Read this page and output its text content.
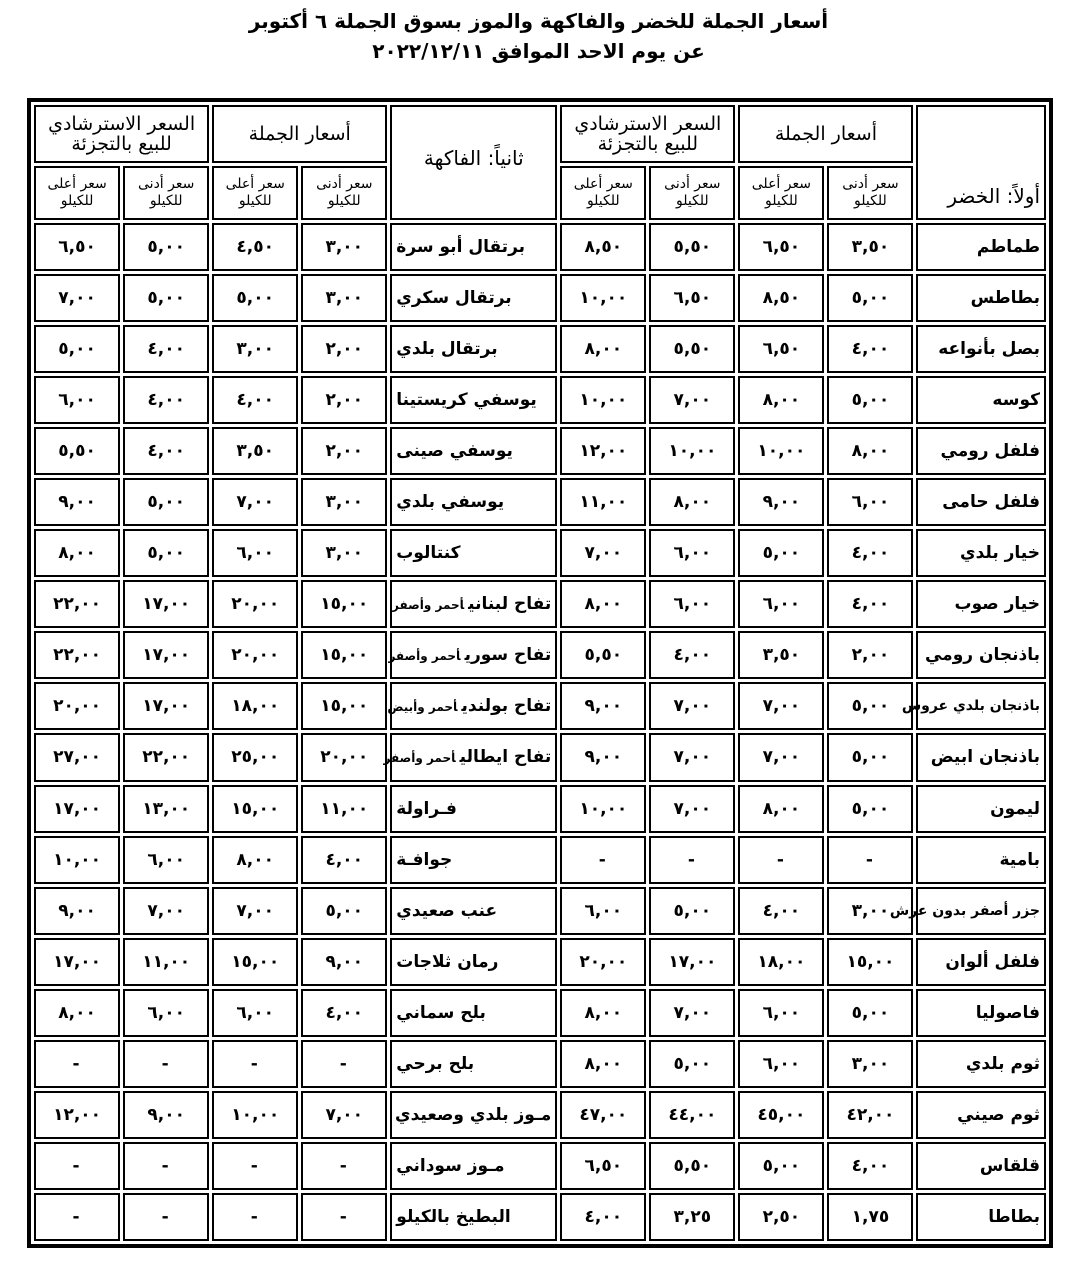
أسعار الجملة للخضر والفاكهة والموز بسوق الجملة ٦ أكتوبر
عن يوم الاحد الموافق ٢٠٢٢/١٢/١١
أولاً: الخضر	أسعار الجملة		السعر الاسترشادي للبيع بالتجزئة		ثانياً: الفاكهة	أسعار الجملة		السعر الاسترشادي للبيع بالتجزئة	
	سعر أدنى للكيلو	سعر أعلى للكيلو	سعر أدنى للكيلو	سعر أعلى للكيلو		سعر أدنى للكيلو	سعر أعلى للكيلو	سعر أدنى للكيلو	سعر أعلى للكيلو
طماطم	٣,٥٠	٦,٥٠	٥,٥٠	٨,٥٠	برتقال أبو سرة	٣,٠٠	٤,٥٠	٥,٠٠	٦,٥٠
بطاطس	٥,٠٠	٨,٥٠	٦,٥٠	١٠,٠٠	برتقال سكري	٣,٠٠	٥,٠٠	٥,٠٠	٧,٠٠
بصل بأنواعه	٤,٠٠	٦,٥٠	٥,٥٠	٨,٠٠	برتقال بلدي	٢,٠٠	٣,٠٠	٤,٠٠	٥,٠٠
كوسه	٥,٠٠	٨,٠٠	٧,٠٠	١٠,٠٠	يوسفي كريستينا	٢,٠٠	٤,٠٠	٤,٠٠	٦,٠٠
فلفل رومي	٨,٠٠	١٠,٠٠	١٠,٠٠	١٢,٠٠	يوسفي صينى	٢,٠٠	٣,٥٠	٤,٠٠	٥,٥٠
فلفل حامى	٦,٠٠	٩,٠٠	٨,٠٠	١١,٠٠	يوسفي بلدي	٣,٠٠	٧,٠٠	٥,٠٠	٩,٠٠
خيار بلدي	٤,٠٠	٥,٠٠	٦,٠٠	٧,٠٠	كنتالوب	٣,٠٠	٦,٠٠	٥,٠٠	٨,٠٠
خيار صوب	٤,٠٠	٦,٠٠	٦,٠٠	٨,٠٠	تفاح لبنانيأحمر وأصفر	١٥,٠٠	٢٠,٠٠	١٧,٠٠	٢٢,٠٠
باذنجان رومي	٢,٠٠	٣,٥٠	٤,٠٠	٥,٥٠	تفاح سوريأحمر وأصفر	١٥,٠٠	٢٠,٠٠	١٧,٠٠	٢٢,٠٠
باذنجان بلدي عروس	٥,٠٠	٧,٠٠	٧,٠٠	٩,٠٠	تفاح بولنديأحمر وأبيض	١٥,٠٠	١٨,٠٠	١٧,٠٠	٢٠,٠٠
باذنجان ابيض	٥,٠٠	٧,٠٠	٧,٠٠	٩,٠٠	تفاح ايطاليأحمر وأصفر	٢٠,٠٠	٢٥,٠٠	٢٢,٠٠	٢٧,٠٠
ليمون	٥,٠٠	٨,٠٠	٧,٠٠	١٠,٠٠	فـراولة	١١,٠٠	١٥,٠٠	١٣,٠٠	١٧,٠٠
بامية	-	-	-	-	جوافـة	٤,٠٠	٨,٠٠	٦,٠٠	١٠,٠٠
جزر أصفر بدون عرش	٣,٠٠	٤,٠٠	٥,٠٠	٦,٠٠	عنب صعيدي	٥,٠٠	٧,٠٠	٧,٠٠	٩,٠٠
فلفل ألوان	١٥,٠٠	١٨,٠٠	١٧,٠٠	٢٠,٠٠	رمان ثلاجات	٩,٠٠	١٥,٠٠	١١,٠٠	١٧,٠٠
فاصوليا	٥,٠٠	٦,٠٠	٧,٠٠	٨,٠٠	بلح سماني	٤,٠٠	٦,٠٠	٦,٠٠	٨,٠٠
ثوم بلدي	٣,٠٠	٦,٠٠	٥,٠٠	٨,٠٠	بلح برحي	-	-	-	-
ثوم صيني	٤٢,٠٠	٤٥,٠٠	٤٤,٠٠	٤٧,٠٠	مـوز بلدي وصعيدي	٧,٠٠	١٠,٠٠	٩,٠٠	١٢,٠٠
قلقاس	٤,٠٠	٥,٠٠	٥,٥٠	٦,٥٠	مـوز سوداني	-	-	-	-
بطاطا	١,٧٥	٢,٥٠	٣,٢٥	٤,٠٠	البطيخ بالكيلو	-	-	-	-
